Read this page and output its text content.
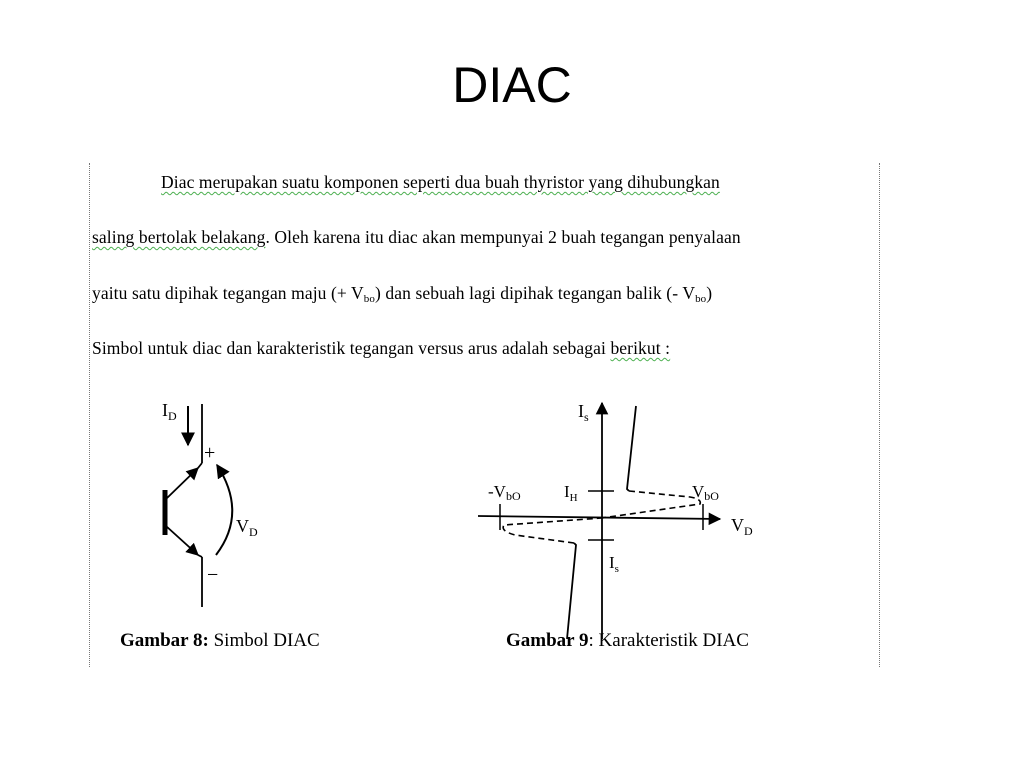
DIAC
Diac merupakan suatu komponen seperti dua buah thyristor yang dihubungkan
saling bertolak belakang. Oleh karena itu diac akan mempunyai 2 buah tegangan penyalaan
yaitu satu dipihak tegangan maju (+ $V_{bo}$) dan sebuah lagi dipihak tegangan balik (- $V_{bo}$)
Simbol untuk diac dan karakteristik tegangan versus arus adalah sebagai berikut :
$I_D$
+
−
$V_D$
$I_s$
$V_D$
-VbO	VbO
$I_H$
$I_s$
Gambar 8: Simbol DIAC	Gambar 9: Karakteristik DIAC
